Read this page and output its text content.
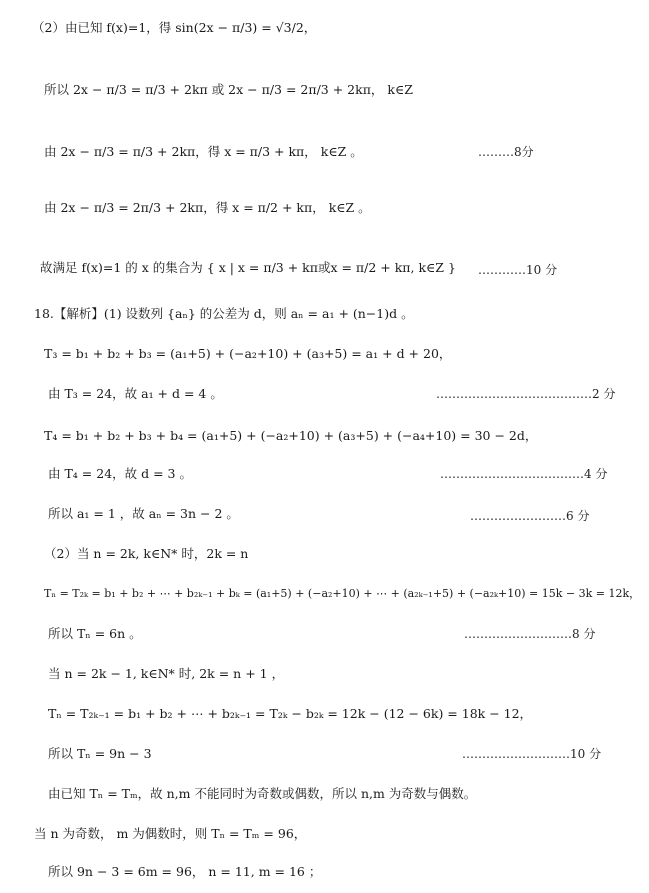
（2）由已知 f(x)=1，得 sin(2x − π/3) = √3/2，
所以 2x − π/3 = π/3 + 2kπ 或 2x − π/3 = 2π/3 + 2kπ， k∈Z
由 2x − π/3 = π/3 + 2kπ，得 x = π/3 + kπ， k∈Z 。	………8分
由 2x − π/3 = 2π/3 + 2kπ，得 x = π/2 + kπ， k∈Z 。
故满足 f(x)=1 的 x 的集合为 { x | x = π/3 + kπ或x = π/2 + kπ, k∈Z } …………10 分
18.【解析】(1) 设数列 {aₙ} 的公差为 d，则 aₙ = a₁ + (n−1)d 。
T₃ = b₁ + b₂ + b₃ = (a₁+5) + (−a₂+10) + (a₃+5) = a₁ + d + 20，
由 T₃ = 24，故 a₁ + d = 4 。	…………………………………2 分
T₄ = b₁ + b₂ + b₃ + b₄ = (a₁+5) + (−a₂+10) + (a₃+5) + (−a₄+10) = 30 − 2d，
由 T₄ = 24，故 d = 3 。	………………………………4 分
所以 a₁ = 1 ，故 aₙ = 3n − 2 。	……………………6 分
（2）当 n = 2k, k∈N* 时，2k = n
Tₙ = T₂ₖ = b₁ + b₂ + ⋯ + b₂ₖ₋₁ + bₖ = (a₁+5) + (−a₂+10) + ⋯ + (a₂ₖ₋₁+5) + (−a₂ₖ+10) = 15k − 3k = 12k，
所以 Tₙ = 6n 。	………………………8 分
当 n = 2k − 1, k∈N* 时, 2k = n + 1 ，
Tₙ = T₂ₖ₋₁ = b₁ + b₂ + ⋯ + b₂ₖ₋₁ = T₂ₖ − b₂ₖ = 12k − (12 − 6k) = 18k − 12，
所以 Tₙ = 9n − 3	………………………10 分
由已知 Tₙ = Tₘ，故 n,m 不能同时为奇数或偶数，所以 n,m 为奇数与偶数。
当 n 为奇数， m 为偶数时，则 Tₙ = Tₘ = 96，
所以 9n − 3 = 6m = 96， n = 11, m = 16 ；
